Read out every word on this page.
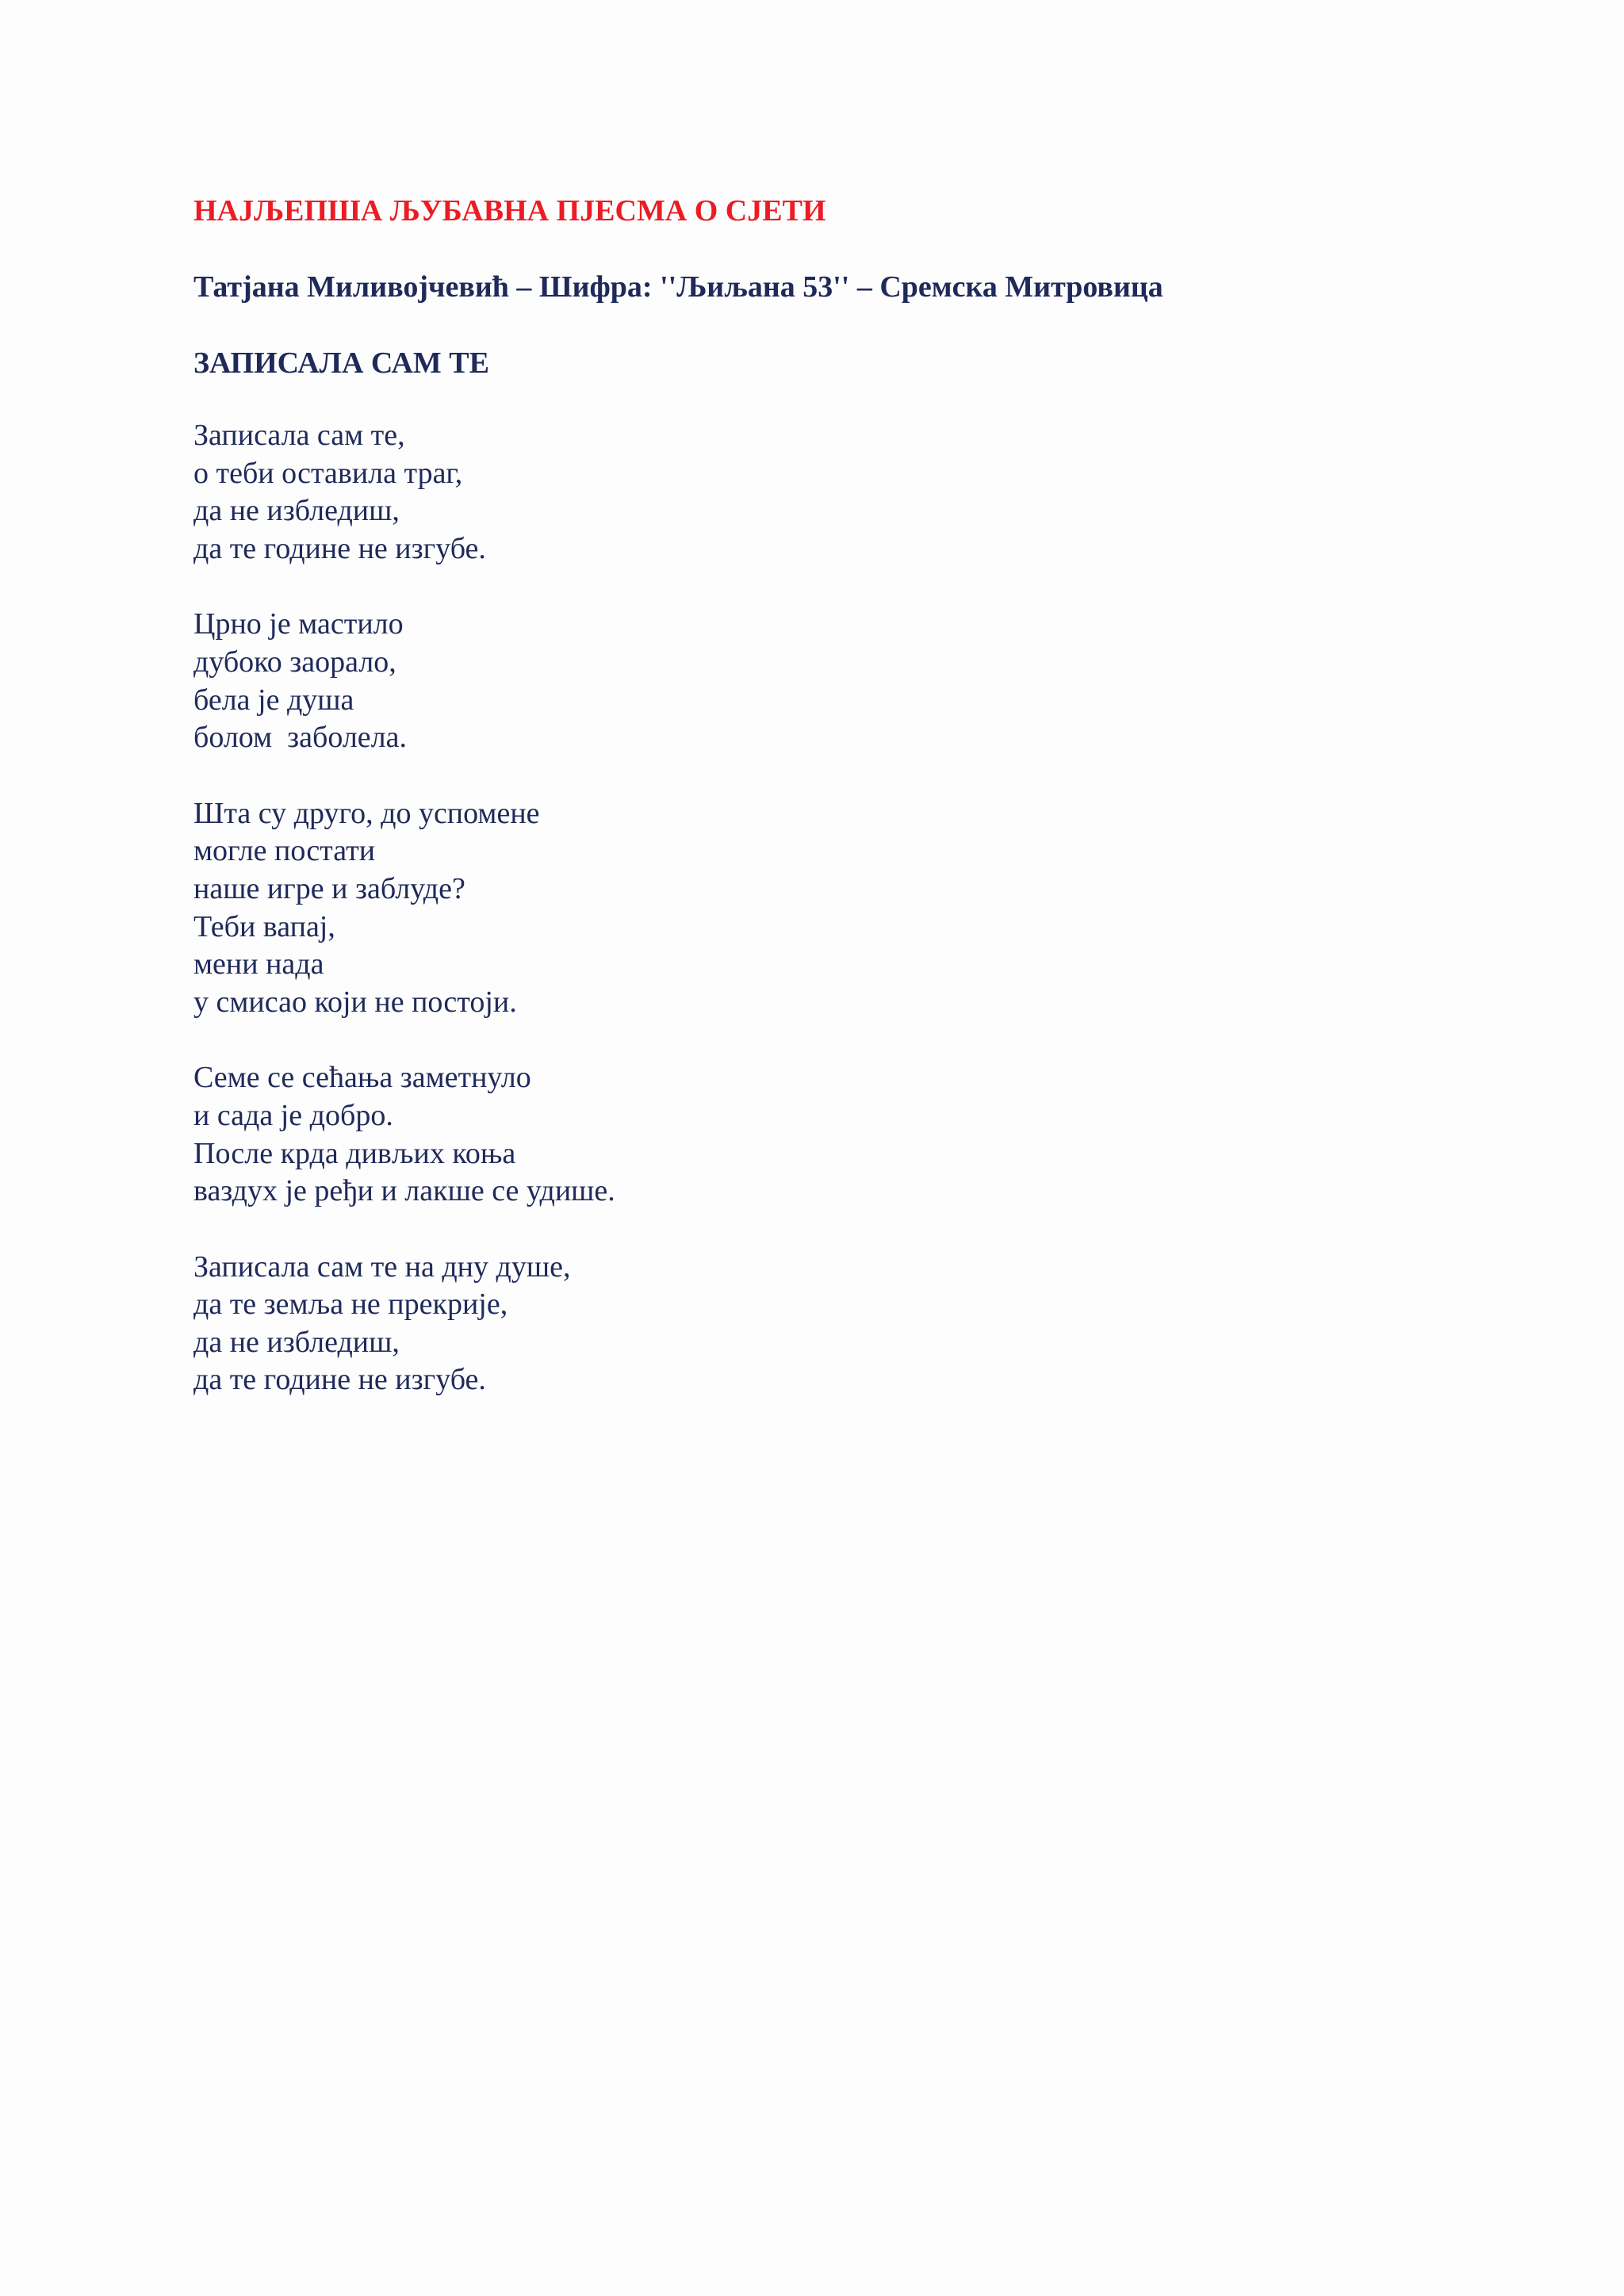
НАЈЉЕПША ЉУБАВНА ПЈЕСМА О СЈЕТИ
Татјана Миливојчевић – Шифра: ''Љиљана 53'' – Сремска Митровица
ЗАПИСАЛА САМ ТЕ
Записала сам те,
о теби оставила траг,
да не избледиш,
да те године не изгубе.
Црно је мастило
дубоко заорало,
бела је душа
болом  заболела.
Шта су друго, до успомене
могле постати
наше игре и заблуде?
Теби вапај,
мени нада
у смисао који не постоји.
Семе се сећања заметнуло
и сада је добро.
После крда дивљих коња
ваздух је ређи и лакше се удише.
Записала сам те на дну душе,
да те земља не прекрије,
да не избледиш,
да те године не изгубе.
